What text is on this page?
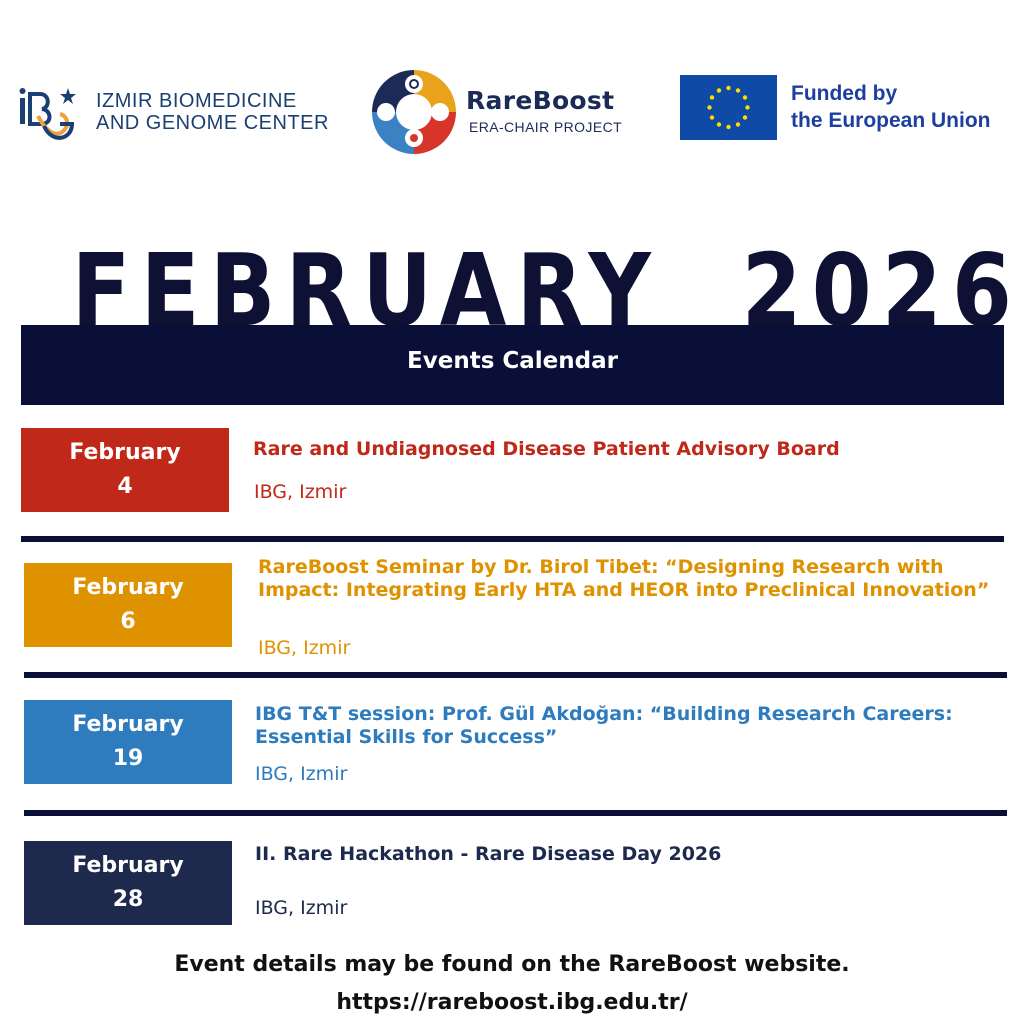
IZMIR BIOMEDICINE
AND GENOME CENTER
RareBoost
ERA-CHAIR PROJECT
Funded by
the European Union
FEBRUARY  2026
Events Calendar
February
4
Rare and Undiagnosed Disease Patient Advisory Board
IBG, Izmir
February
6
RareBoost Seminar by Dr. Birol Tibet: “Designing Research with Impact: Integrating Early HTA and HEOR into Preclinical Innovation”
IBG, Izmir
February
19
IBG T&T session: Prof. Gül Akdoğan: “Building Research Careers: Essential Skills for Success”
IBG, Izmir
February
28
II. Rare Hackathon - Rare Disease Day 2026
IBG, Izmir
Event details may be found on the RareBoost website.
https://rareboost.ibg.edu.tr/
